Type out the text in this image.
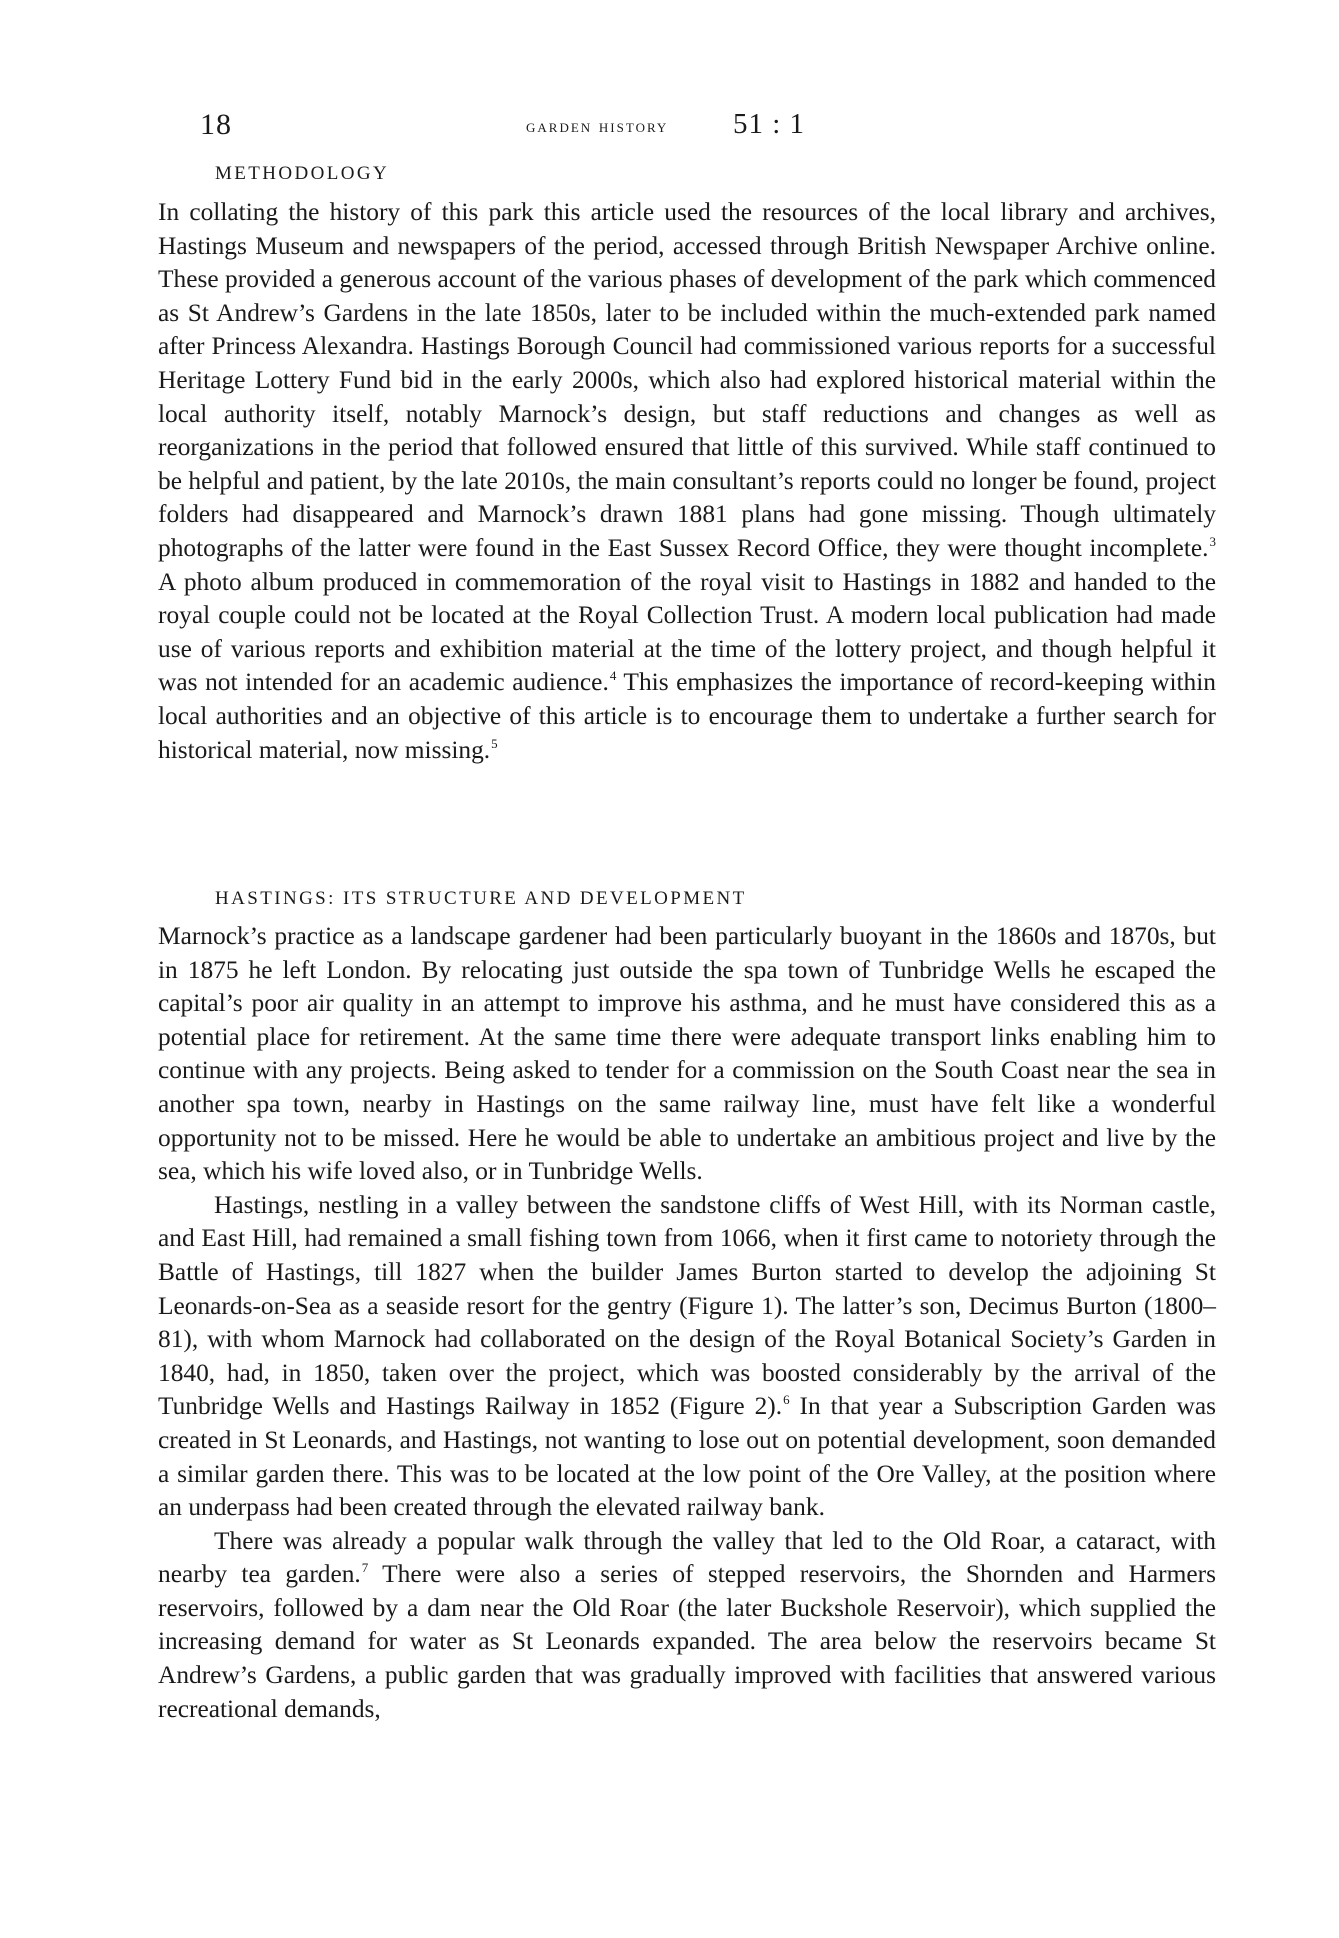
18	garden history 51 : 1
METHODOLOGY

In collating the history of this park this article used the resources of the local library and archives, Hastings Museum and newspapers of the period, accessed through British Newspaper Archive online. These provided a generous account of the various phases of development of the park which commenced as St Andrew’s Gardens in the late 1850s, later to be included within the much-extended park named after Princess Alexandra. Hastings Borough Council had commissioned various reports for a successful Heritage Lottery Fund bid in the early 2000s, which also had explored historical material within the local authority itself, notably Marnock’s design, but staff reductions and changes as well as reorganizations in the period that followed ensured that little of this survived. While staff continued to be helpful and patient, by the late 2010s, the main consultant’s reports could no longer be found, project folders had disappeared and Marnock’s drawn 1881 plans had gone missing. Though ultimately photographs of the latter were found in the East Sussex Record Office, they were thought incomplete.$^3$ A photo album produced in commemoration of the royal visit to Hastings in 1882 and handed to the royal couple could not be located at the Royal Collection Trust. A modern local publication had made use of various reports and exhibition material at the time of the lottery project, and though helpful it was not intended for an academic audience.$^4$ This emphasizes the importance of record-keeping within local authorities and an objective of this article is to encourage them to undertake a further search for historical material, now missing.$^5$

HASTINGS: ITS STRUCTURE AND DEVELOPMENT

Marnock’s practice as a landscape gardener had been particularly buoyant in the 1860s and 1870s, but in 1875 he left London. By relocating just outside the spa town of Tunbridge Wells he escaped the capital’s poor air quality in an attempt to improve his asthma, and he must have considered this as a potential place for retirement. At the same time there were adequate transport links enabling him to continue with any projects. Being asked to tender for a commission on the South Coast near the sea in another spa town, nearby in Hastings on the same railway line, must have felt like a wonderful opportunity not to be missed. Here he would be able to undertake an ambitious project and live by the sea, which his wife loved also, or in Tunbridge Wells.

Hastings, nestling in a valley between the sandstone cliffs of West Hill, with its Norman castle, and East Hill, had remained a small fishing town from 1066, when it first came to notoriety through the Battle of Hastings, till 1827 when the builder James Burton started to develop the adjoining St Leonards-on-Sea as a seaside resort for the gentry (Figure 1). The latter’s son, Decimus Burton (1800–81), with whom Marnock had collaborated on the design of the Royal Botanical Society’s Garden in 1840, had, in 1850, taken over the project, which was boosted considerably by the arrival of the Tunbridge Wells and Hastings Railway in 1852 (Figure 2).$^6$ In that year a Subscription Garden was created in St Leonards, and Hastings, not wanting to lose out on potential development, soon demanded a similar garden there. This was to be located at the low point of the Ore Valley, at the position where an underpass had been created through the elevated railway bank.

There was already a popular walk through the valley that led to the Old Roar, a cataract, with nearby tea garden.$^7$ There were also a series of stepped reservoirs, the Shornden and Harmers reservoirs, followed by a dam near the Old Roar (the later Buckshole Reservoir), which supplied the increasing demand for water as St Leonards expanded. The area below the reservoirs became St Andrew’s Gardens, a public garden that was gradually improved with facilities that answered various recreational demands,
